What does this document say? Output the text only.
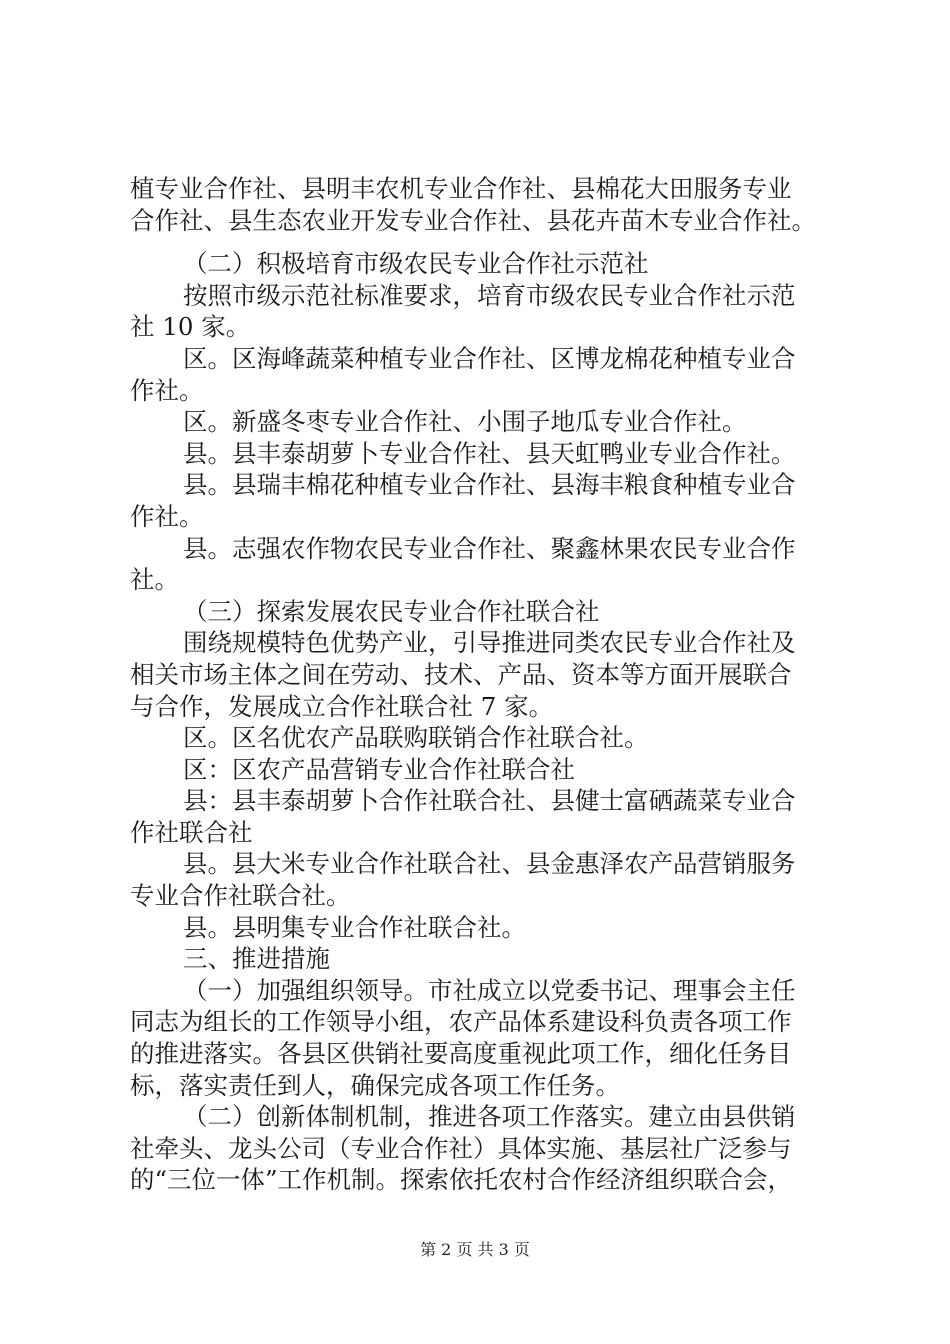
植专业合作社、县明丰农机专业合作社、县棉花大田服务专业
合作社、县生态农业开发专业合作社、县花卉苗木专业合作社。
（二）积极培育市级农民专业合作社示范社
按照市级示范社标准要求，培育市级农民专业合作社示范
社 10 家。
区。区海峰蔬菜种植专业合作社、区博龙棉花种植专业合
作社。
区。新盛冬枣专业合作社、小围子地瓜专业合作社。
县。县丰泰胡萝卜专业合作社、县天虹鸭业专业合作社。
县。县瑞丰棉花种植专业合作社、县海丰粮食种植专业合
作社。
县。志强农作物农民专业合作社、聚鑫林果农民专业合作
社。
（三）探索发展农民专业合作社联合社
围绕规模特色优势产业，引导推进同类农民专业合作社及
相关市场主体之间在劳动、技术、产品、资本等方面开展联合
与合作，发展成立合作社联合社 7 家。
区。区名优农产品联购联销合作社联合社。
区：区农产品营销专业合作社联合社
县：县丰泰胡萝卜合作社联合社、县健士富硒蔬菜专业合
作社联合社
县。县大米专业合作社联合社、县金惠泽农产品营销服务
专业合作社联合社。
县。县明集专业合作社联合社。
三、推进措施
（一）加强组织领导。市社成立以党委书记、理事会主任
同志为组长的工作领导小组，农产品体系建设科负责各项工作
的推进落实。各县区供销社要高度重视此项工作，细化任务目
标，落实责任到人，确保完成各项工作任务。
（二）创新体制机制，推进各项工作落实。建立由县供销
社牵头、龙头公司（专业合作社）具体实施、基层社广泛参与
的“三位一体”工作机制。探索依托农村合作经济组织联合会，
第 2 页 共 3 页
